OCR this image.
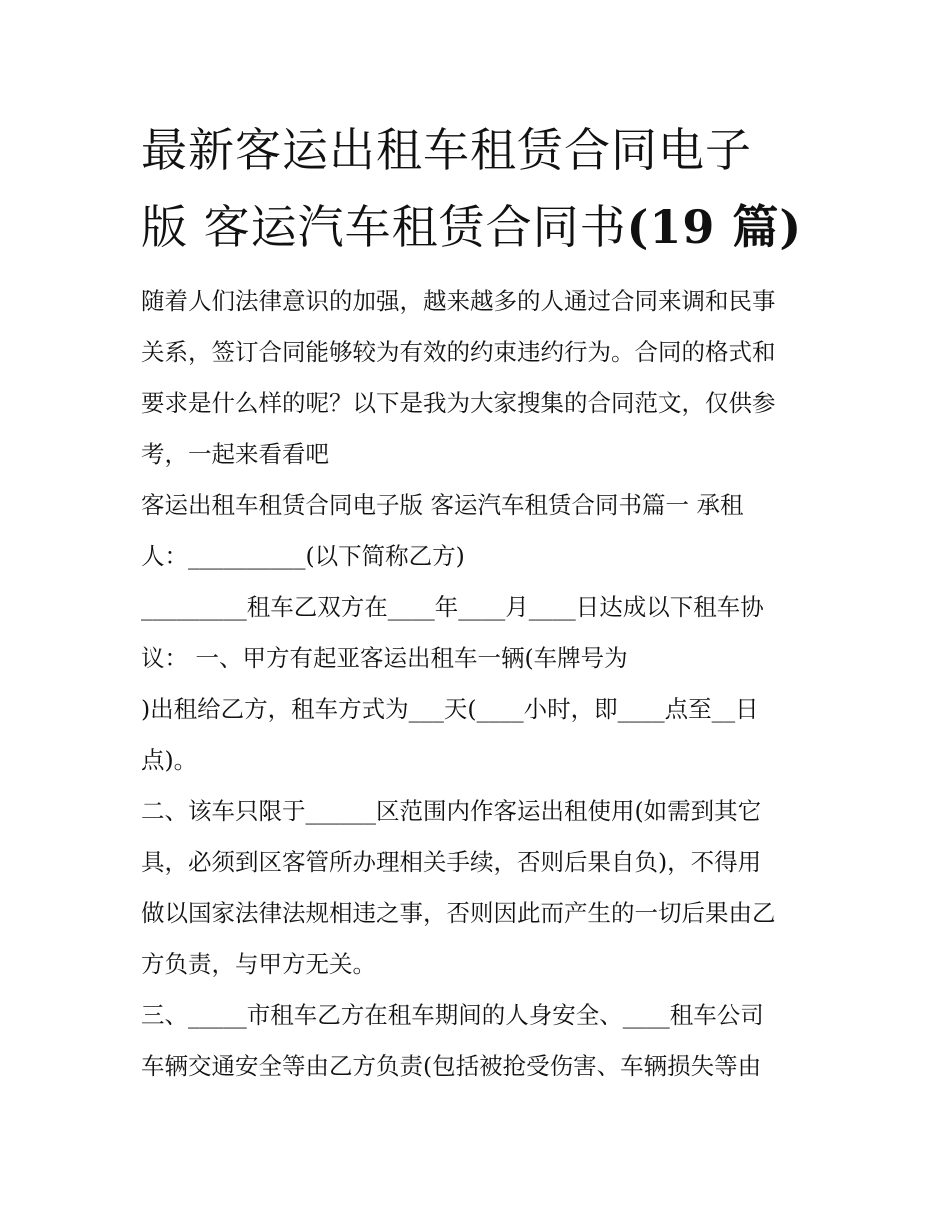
最新客运出租车租赁合同电子
版 客运汽车租赁合同书(19 篇)

随着人们法律意识的加强，越来越多的人通过合同来调和民事

关系，签订合同能够较为有效的约束违约行为。合同的格式和

要求是什么样的呢？以下是我为大家搜集的合同范文，仅供参

考，一起来看看吧

客运出租车租赁合同电子版 客运汽车租赁合同书篇一 承租

人：__________(以下简称乙方)

_________租车乙双方在____年____月____日达成以下租车协

议： 一、甲方有起亚客运出租车一辆(车牌号为

)出租给乙方，租车方式为___天(____小时，即____点至__日

点)。

二、该车只限于______区范围内作客运出租使用(如需到其它

具，必须到区客管所办理相关手续，否则后果自负)，不得用

做以国家法律法规相违之事，否则因此而产生的一切后果由乙

方负责，与甲方无关。

三、_____市租车乙方在租车期间的人身安全、____租车公司

车辆交通安全等由乙方负责(包括被抢受伤害、车辆损失等由
